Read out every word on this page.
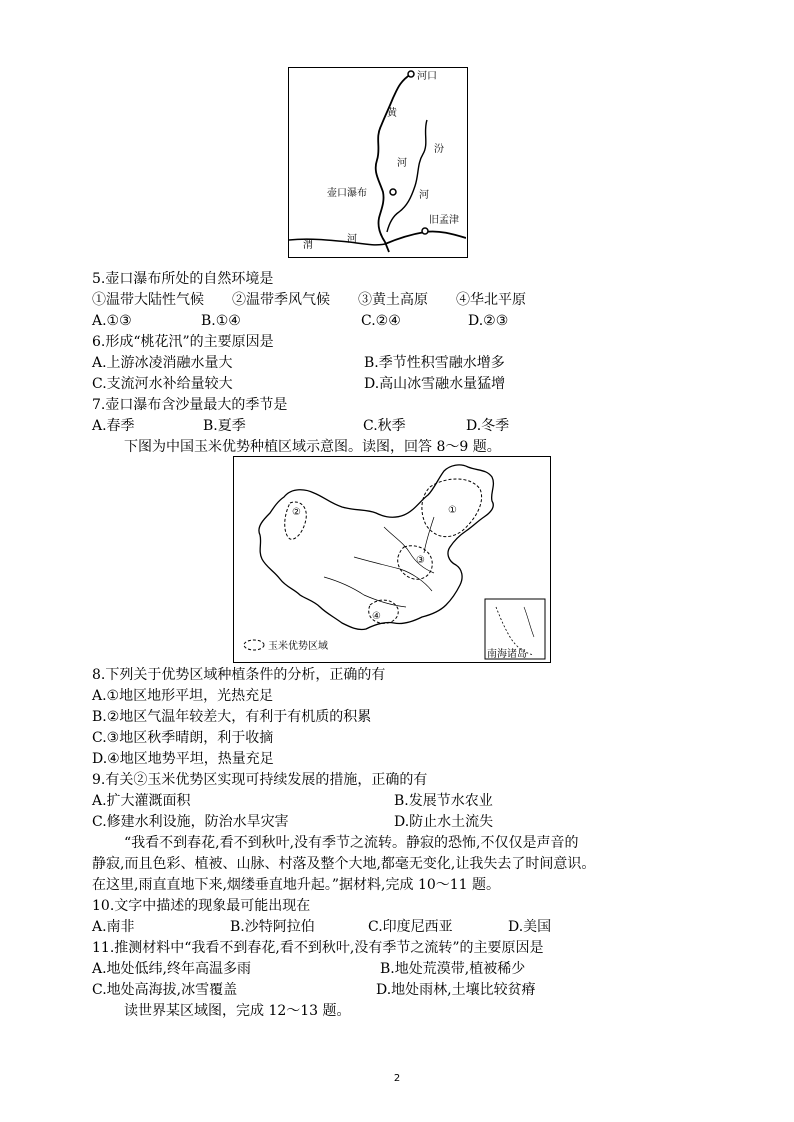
河口
黄
汾
河
壶口瀑布	河
旧孟津
渭
河
5.壶口瀑布所处的自然环境是
①温带大陆性气候　　②温带季风气候　　③黄土高原　　④华北平原
A.①③	B.①④	C.②④	D.②③
6.形成“桃花汛”的主要原因是
A.上游冰凌消融水量大	B.季节性积雪融水增多
C.支流河水补给量较大	D.高山冰雪融水量猛增
7.壶口瀑布含沙量最大的季节是
A.春季	B.夏季	C.秋季	D.冬季
下图为中国玉米优势种植区域示意图。读图，回答 8～9 题。
①
②
③
④
南海诸岛
玉米优势区域
8.下列关于优势区域种植条件的分析，正确的有
A.①地区地形平坦，光热充足
B.②地区气温年较差大，有利于有机质的积累
C.③地区秋季晴朗，利于收摘
D.④地区地势平坦，热量充足
9.有关②玉米优势区实现可持续发展的措施，正确的有
A.扩大灌溉面积	B.发展节水农业
C.修建水利设施，防治水旱灾害	D.防止水土流失
“我看不到春花,看不到秋叶,没有季节之流转。静寂的恐怖,不仅仅是声音的
静寂,而且色彩、植被、山脉、村落及整个大地,都毫无变化,让我失去了时间意识。
在这里,雨直直地下来,烟缕垂直地升起。”据材料,完成 10～11 题。
10.文字中描述的现象最可能出现在
A.南非	B.沙特阿拉伯	C.印度尼西亚	D.美国
11.推测材料中“我看不到春花,看不到秋叶,没有季节之流转”的主要原因是
A.地处低纬,终年高温多雨	B.地处荒漠带,植被稀少
C.地处高海拔,冰雪覆盖	D.地处雨林,土壤比较贫瘠
读世界某区域图，完成 12～13 题。
2
